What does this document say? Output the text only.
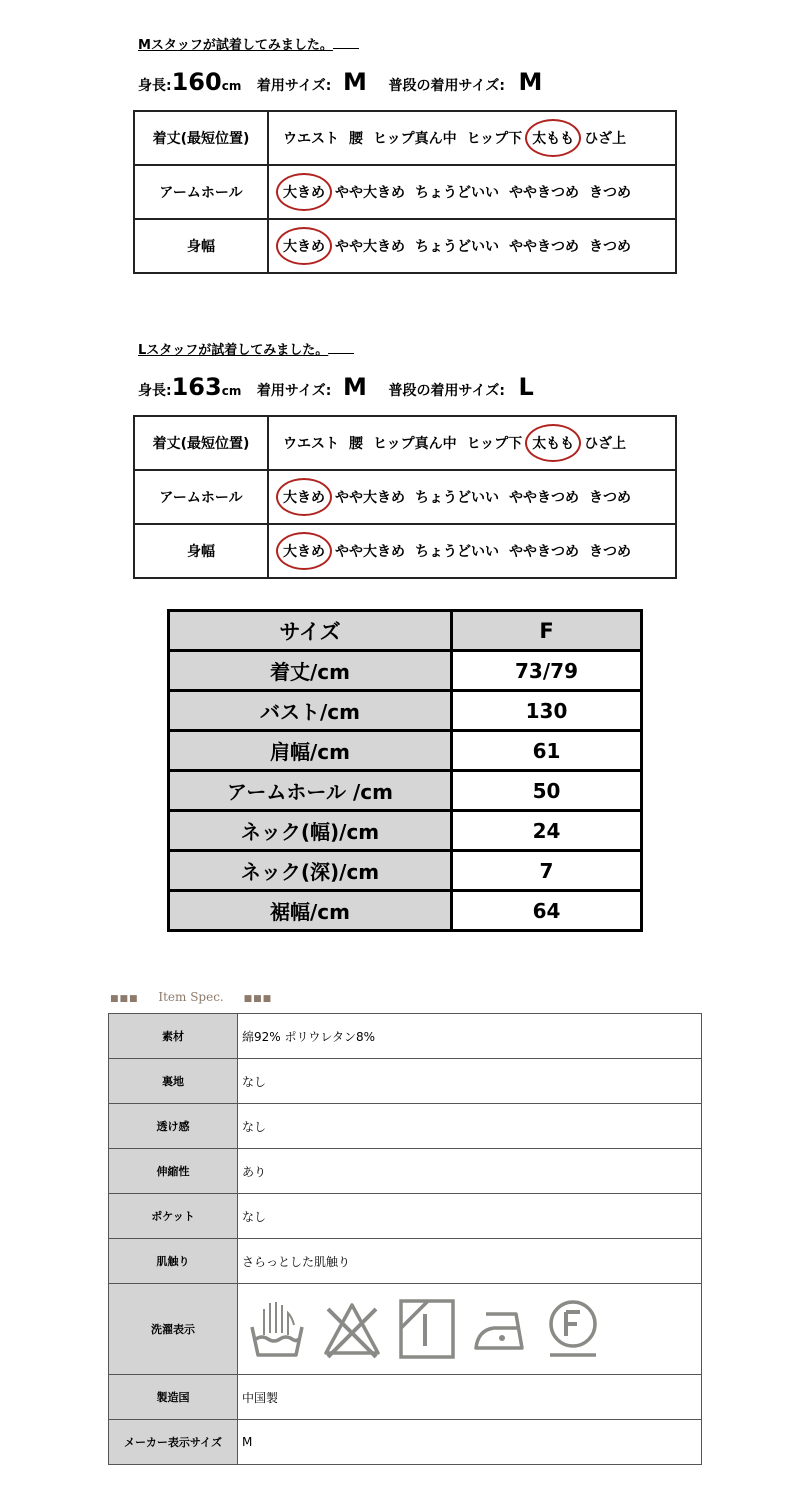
Mスタッフが試着してみました。
身長:160cm 着用サイズ: M 普段の着用サイズ: M
着丈(最短位置)	ウエスト 腰 ヒップ真ん中 ヒップ下 太もも ひざ上
アームホール	大きめ やや大きめ ちょうどいい ややきつめ きつめ
身幅	大きめ やや大きめ ちょうどいい ややきつめ きつめ
Lスタッフが試着してみました。
身長:163cm 着用サイズ: M 普段の着用サイズ: L
着丈(最短位置)	ウエスト 腰 ヒップ真ん中 ヒップ下 太もも ひざ上
アームホール	大きめ やや大きめ ちょうどいい ややきつめ きつめ
身幅	大きめ やや大きめ ちょうどいい ややきつめ きつめ
サイズ	F
着丈/cm	73/79
バスト/cm	130
肩幅/cm	61
アームホール /cm	50
ネック(幅)/cm	24
ネック(深)/cm	7
裾幅/cm	64
■■■ Item Spec. ■■■
素材	綿92% ポリウレタン8%
裏地	なし
透け感	なし
伸縮性	あり
ポケット	なし
肌触り	さらっとした肌触り
洗濯表示	

製造国	中国製
メーカー表示サイズ	M
